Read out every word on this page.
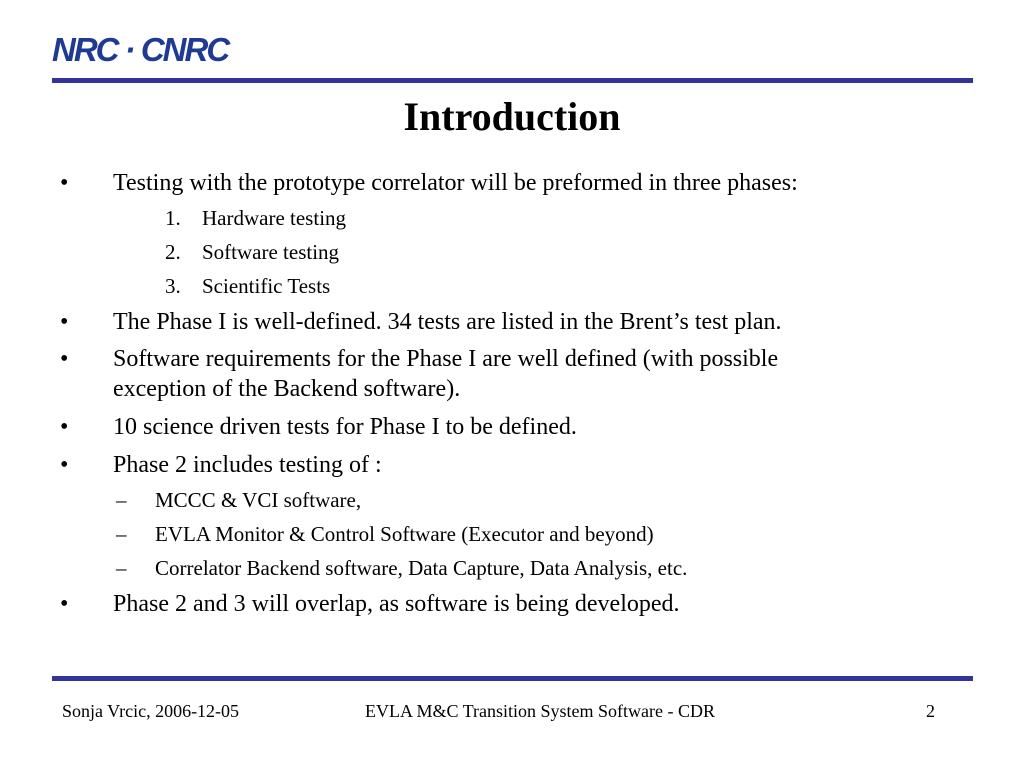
NRC · CNRC
Introduction
• Testing with the prototype correlator will be preformed in three phases:
1. Hardware testing
2. Software testing
3. Scientific Tests
• The Phase I is well-defined. 34 tests are listed in the Brent’s test plan.
• Software requirements for the Phase I are well defined (with possible
exception of the Backend software).
• 10 science driven tests for Phase I to be defined.
• Phase 2 includes testing of :
– MCCC & VCI software,
– EVLA Monitor & Control Software (Executor and beyond)
– Correlator Backend software, Data Capture, Data Analysis, etc.
• Phase 2 and 3 will overlap, as software is being developed.
Sonja Vrcic, 2006-12-05	EVLA M&C Transition System Software - CDR	2
